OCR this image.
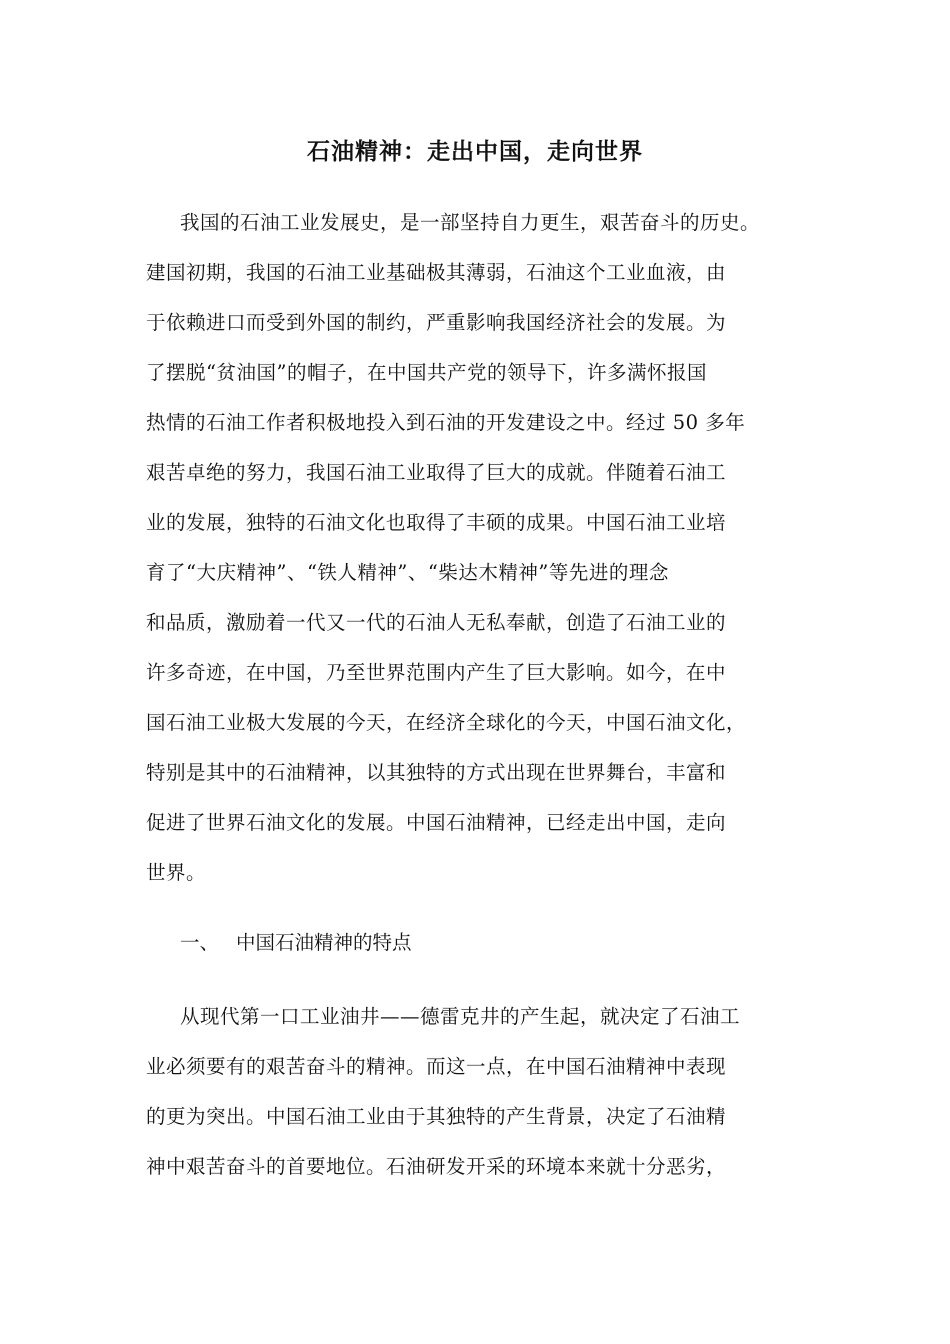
石油精神：走出中国，走向世界
我国的石油工业发展史，是一部坚持自力更生，艰苦奋斗的历史。
建国初期，我国的石油工业基础极其薄弱，石油这个工业血液，由
于依赖进口而受到外国的制约，严重影响我国经济社会的发展。为
了摆脱“贫油国”的帽子，在中国共产党的领导下，许多满怀报国
热情的石油工作者积极地投入到石油的开发建设之中。经过 50 多年
艰苦卓绝的努力，我国石油工业取得了巨大的成就。伴随着石油工
业的发展，独特的石油文化也取得了丰硕的成果。中国石油工业培
育了“大庆精神”、“铁人精神”、“柴达木精神”等先进的理念
和品质，激励着一代又一代的石油人无私奉献，创造了石油工业的
许多奇迹，在中国，乃至世界范围内产生了巨大影响。如今，在中
国石油工业极大发展的今天，在经济全球化的今天，中国石油文化，
特别是其中的石油精神，以其独特的方式出现在世界舞台，丰富和
促进了世界石油文化的发展。中国石油精神，已经走出中国，走向
世界。
一、 中国石油精神的特点
从现代第一口工业油井——德雷克井的产生起，就决定了石油工
业必须要有的艰苦奋斗的精神。而这一点，在中国石油精神中表现
的更为突出。中国石油工业由于其独特的产生背景，决定了石油精
神中艰苦奋斗的首要地位。石油研发开采的环境本来就十分恶劣，
